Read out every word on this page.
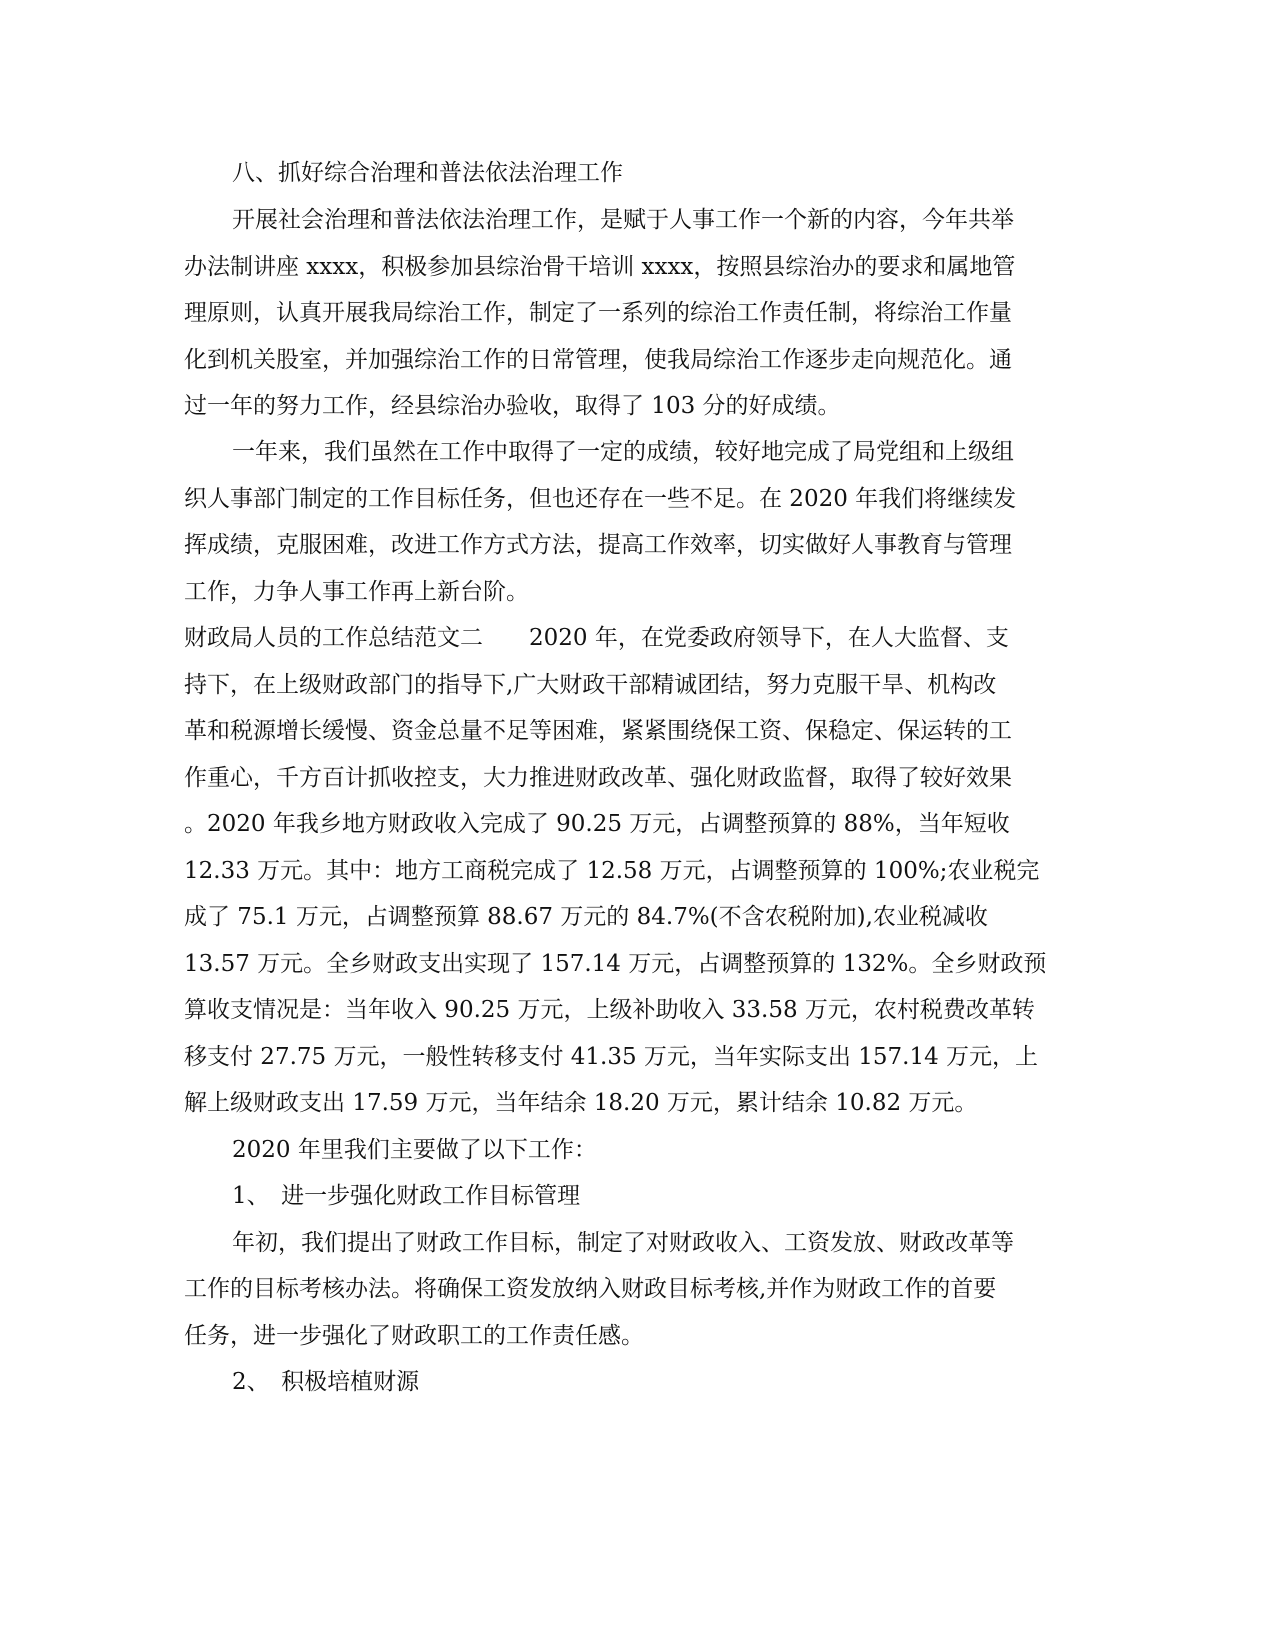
八、抓好综合治理和普法依法治理工作
开展社会治理和普法依法治理工作，是赋于人事工作一个新的内容，今年共举
办法制讲座 xxxx，积极参加县综治骨干培训 xxxx，按照县综治办的要求和属地管
理原则，认真开展我局综治工作，制定了一系列的综治工作责任制，将综治工作量
化到机关股室，并加强综治工作的日常管理，使我局综治工作逐步走向规范化。通
过一年的努力工作，经县综治办验收，取得了 103 分的好成绩。
一年来，我们虽然在工作中取得了一定的成绩，较好地完成了局党组和上级组
织人事部门制定的工作目标任务，但也还存在一些不足。在 2020 年我们将继续发
挥成绩，克服困难，改进工作方式方法，提高工作效率，切实做好人事教育与管理
工作，力争人事工作再上新台阶。
财政局人员的工作总结范文二　　2020 年，在党委政府领导下，在人大监督、支
持下，在上级财政部门的指导下,广大财政干部精诚团结，努力克服干旱、机构改
革和税源增长缓慢、资金总量不足等困难，紧紧围绕保工资、保稳定、保运转的工
作重心，千方百计抓收控支，大力推进财政改革、强化财政监督，取得了较好效果
。2020 年我乡地方财政收入完成了 90.25 万元，占调整预算的 88%，当年短收
12.33 万元。其中：地方工商税完成了 12.58 万元，占调整预算的 100%;农业税完
成了 75.1 万元，占调整预算 88.67 万元的 84.7%(不含农税附加),农业税减收
13.57 万元。全乡财政支出实现了 157.14 万元，占调整预算的 132%。全乡财政预
算收支情况是：当年收入 90.25 万元，上级补助收入 33.58 万元，农村税费改革转
移支付 27.75 万元，一般性转移支付 41.35 万元，当年实际支出 157.14 万元，上
解上级财政支出 17.59 万元，当年结余 18.20 万元，累计结余 10.82 万元。
2020 年里我们主要做了以下工作：
1、　进一步强化财政工作目标管理
年初，我们提出了财政工作目标，制定了对财政收入、工资发放、财政改革等
工作的目标考核办法。将确保工资发放纳入财政目标考核,并作为财政工作的首要
任务，进一步强化了财政职工的工作责任感。
2、　积极培植财源
